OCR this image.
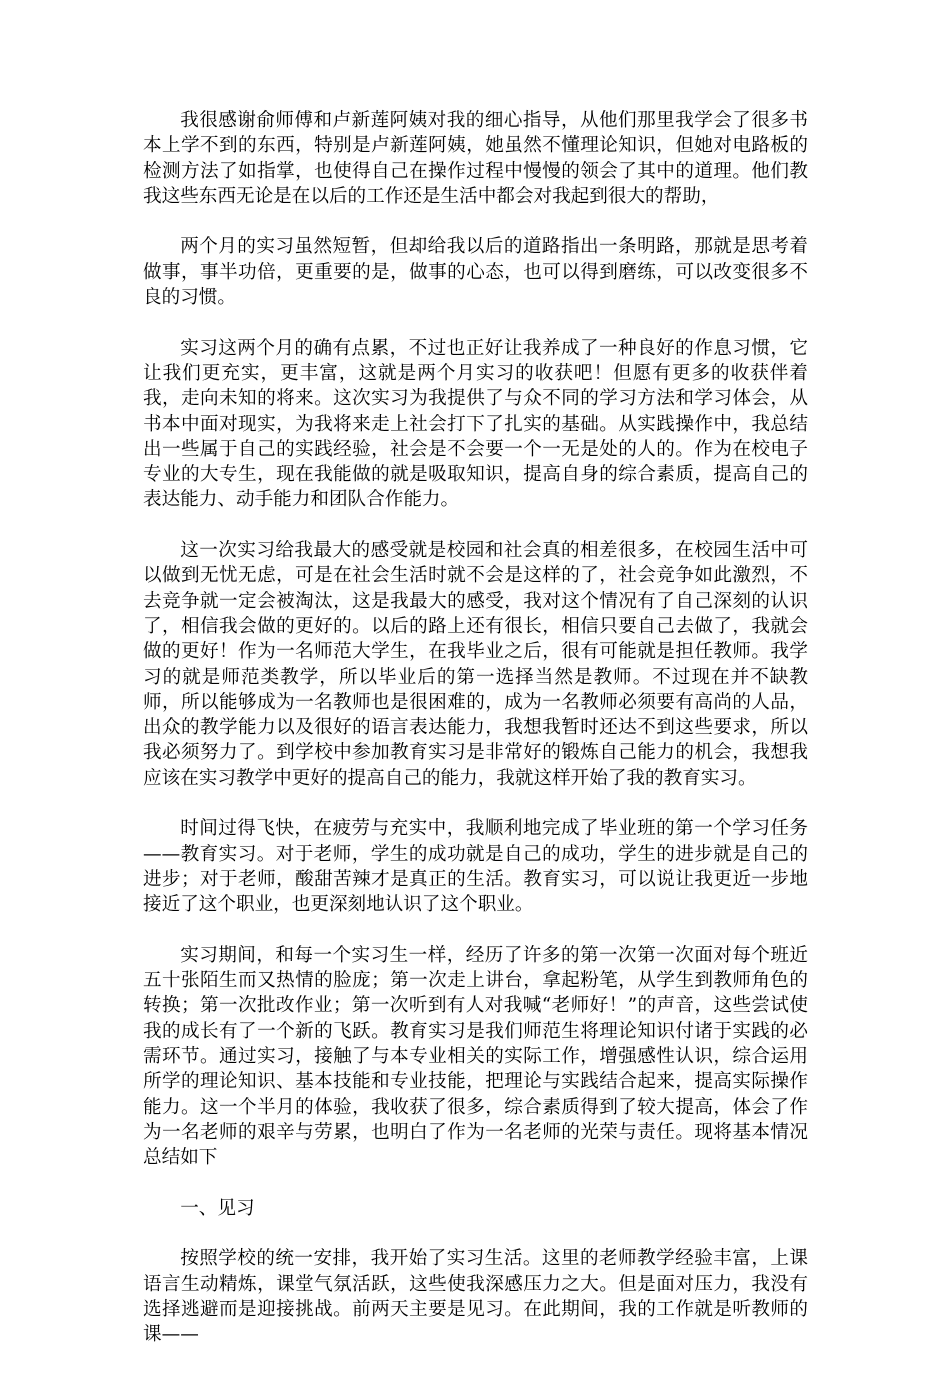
我很感谢俞师傅和卢新莲阿姨对我的细心指导，从他们那里我学会了很多书本上学不到的东西，特别是卢新莲阿姨，她虽然不懂理论知识，但她对电路板的检测方法了如指掌，也使得自己在操作过程中慢慢的领会了其中的道理。他们教我这些东西无论是在以后的工作还是生活中都会对我起到很大的帮助，

两个月的实习虽然短暂，但却给我以后的道路指出一条明路，那就是思考着做事，事半功倍，更重要的是，做事的心态，也可以得到磨练，可以改变很多不良的习惯。

实习这两个月的确有点累，不过也正好让我养成了一种良好的作息习惯，它让我们更充实，更丰富，这就是两个月实习的收获吧！但愿有更多的收获伴着我，走向未知的将来。这次实习为我提供了与众不同的学习方法和学习体会，从书本中面对现实，为我将来走上社会打下了扎实的基础。从实践操作中，我总结出一些属于自己的实践经验，社会是不会要一个一无是处的人的。作为在校电子专业的大专生，现在我能做的就是吸取知识，提高自身的综合素质，提高自己的表达能力、动手能力和团队合作能力。

这一次实习给我最大的感受就是校园和社会真的相差很多，在校园生活中可以做到无忧无虑，可是在社会生活时就不会是这样的了，社会竞争如此激烈，不去竞争就一定会被淘汰，这是我最大的感受，我对这个情况有了自己深刻的认识了，相信我会做的更好的。以后的路上还有很长，相信只要自己去做了，我就会做的更好！作为一名师范大学生，在我毕业之后，很有可能就是担任教师。我学习的就是师范类教学，所以毕业后的第一选择当然是教师。不过现在并不缺教师，所以能够成为一名教师也是很困难的，成为一名教师必须要有高尚的人品，出众的教学能力以及很好的语言表达能力，我想我暂时还达不到这些要求，所以我必须努力了。到学校中参加教育实习是非常好的锻炼自己能力的机会，我想我应该在实习教学中更好的提高自己的能力，我就这样开始了我的教育实习。

时间过得飞快，在疲劳与充实中，我顺利地完成了毕业班的第一个学习任务——教育实习。对于老师，学生的成功就是自己的成功，学生的进步就是自己的进步；对于老师，酸甜苦辣才是真正的生活。教育实习，可以说让我更近一步地接近了这个职业，也更深刻地认识了这个职业。

实习期间，和每一个实习生一样，经历了许多的第一次第一次面对每个班近五十张陌生而又热情的脸庞；第一次走上讲台，拿起粉笔，从学生到教师角色的转换；第一次批改作业；第一次听到有人对我喊“老师好！”的声音，这些尝试使我的成长有了一个新的飞跃。教育实习是我们师范生将理论知识付诸于实践的必需环节。通过实习，接触了与本专业相关的实际工作，增强感性认识，综合运用所学的理论知识、基本技能和专业技能，把理论与实践结合起来，提高实际操作能力。这一个半月的体验，我收获了很多，综合素质得到了较大提高，体会了作为一名老师的艰辛与劳累，也明白了作为一名老师的光荣与责任。现将基本情况总结如下

一、见习

按照学校的统一安排，我开始了实习生活。这里的老师教学经验丰富，上课语言生动精炼，课堂气氛活跃，这些使我深感压力之大。但是面对压力，我没有选择逃避而是迎接挑战。前两天主要是见习。在此期间，我的工作就是听教师的课——
